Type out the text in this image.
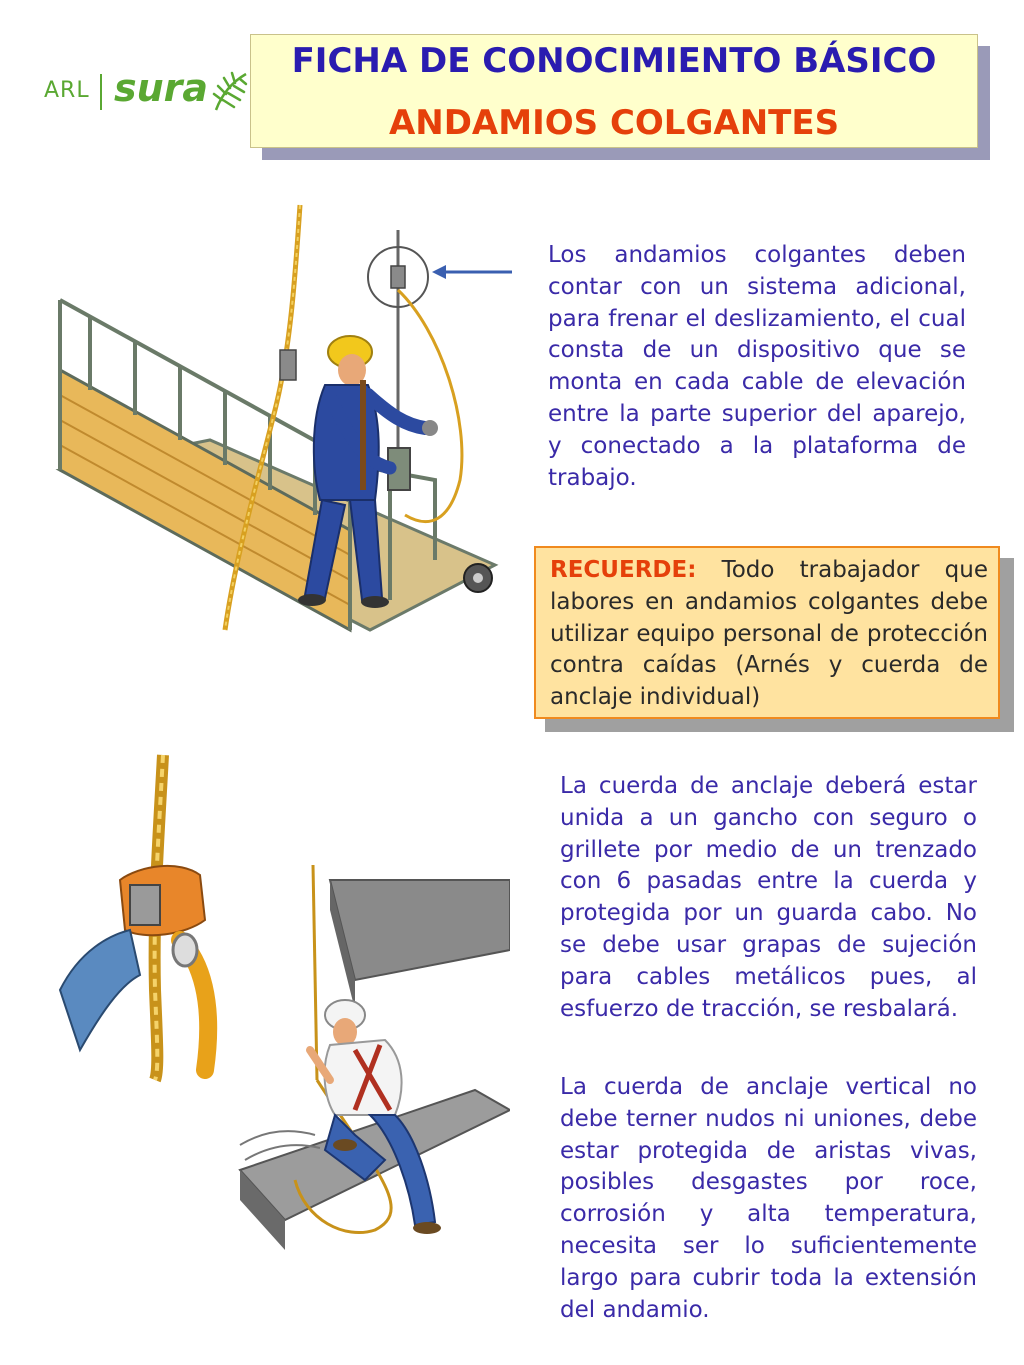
ARL sura
FICHA DE CONOCIMIENTO BÁSICO
ANDAMIOS COLGANTES

Los andamios colgantes deben contar con un sistema adicional, para frenar el deslizamiento, el cual consta de un dispositivo que se monta en cada cable de elevación entre la parte superior del aparejo, y conectado a la plataforma de trabajo.

RECUERDE: Todo trabajador que labores en andamios colgantes debe utilizar equipo personal de protección contra caídas (Arnés y cuerda de anclaje individual)

La cuerda de anclaje deberá estar unida a un gancho con seguro o grillete por medio de un trenzado con 6 pasadas entre la cuerda y protegida por un guarda cabo. No se debe usar grapas de sujeción para cables metálicos pues, al esfuerzo de tracción, se resbalará.

La cuerda de anclaje vertical no debe terner nudos ni uniones, debe estar protegida de aristas vivas, posibles desgastes por roce, corrosión y alta temperatura, necesita ser lo suficientemente largo para cubrir toda la extensión del andamio.
